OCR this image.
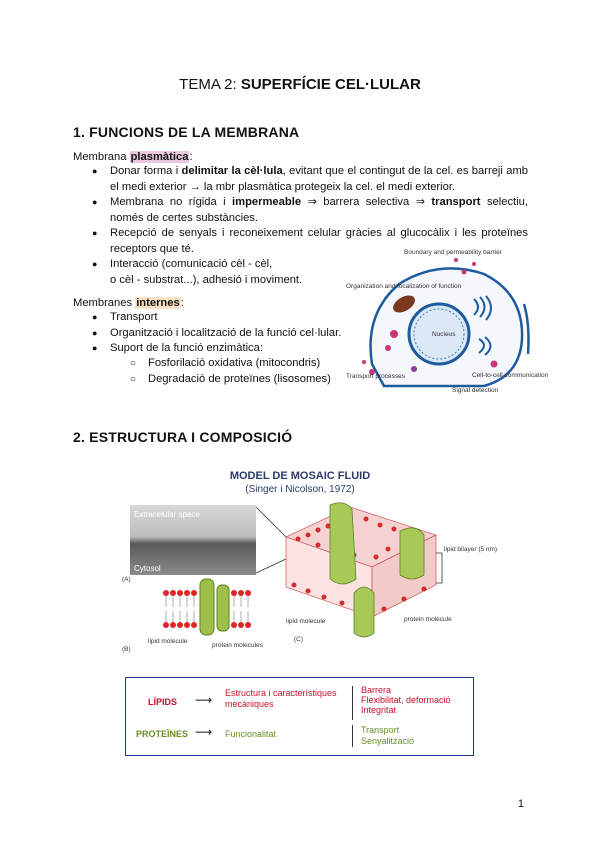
TEMA 2: SUPERFÍCIE CEL·LULAR
1. FUNCIONS DE LA MEMBRANA
Membrana plasmàtica:
● Donar forma i delimitar la cèl·lula, evitant que el contingut de la cel. es barreji amb el medi exterior → la mbr plasmàtica protegeix la cel. el medi exterior.
● Membrana no rígida i impermeable ⇒ barrera selectiva ⇒ transport selectiu, només de certes substàncies.
● Recepció de senyals i reconeixement celular gràcies al glucocàlix i les proteïnes receptors que té.
● Interacció (comunicació cèl - cèl,
o cèl - substrat...), adhesió i moviment.
Membranes internes:
● Transport
● Organització i localització de la funció cel·lular.
● Suport de la funció enzimàtica:
○ Fosforilació oxidativa (mitocondris)
○ Degradació de proteïnes (lisosomes)
Boundary and permeability barrier
Organization and localization of function
Nucleus
Transport processes
Signal detection
Cell-to-cell communication
2. ESTRUCTURA I COMPOSICIÓ
MODEL DE MOSAIC FLUID
(Singer i Nicolson, 1972)
Extracelular space
Cytosol
(A)
(B)
lipid molecule
protein molecules
lipid bilayer (5 nm)
lipid molecule	protein molecule
(C)
LÍPIDS ⟶ Estructura i característiques mecàniques
Barrera
Flexibilitat, deformació
Integritat
PROTEÏNES ⟶ Funcionalitat	Transport
Senyalització
1
